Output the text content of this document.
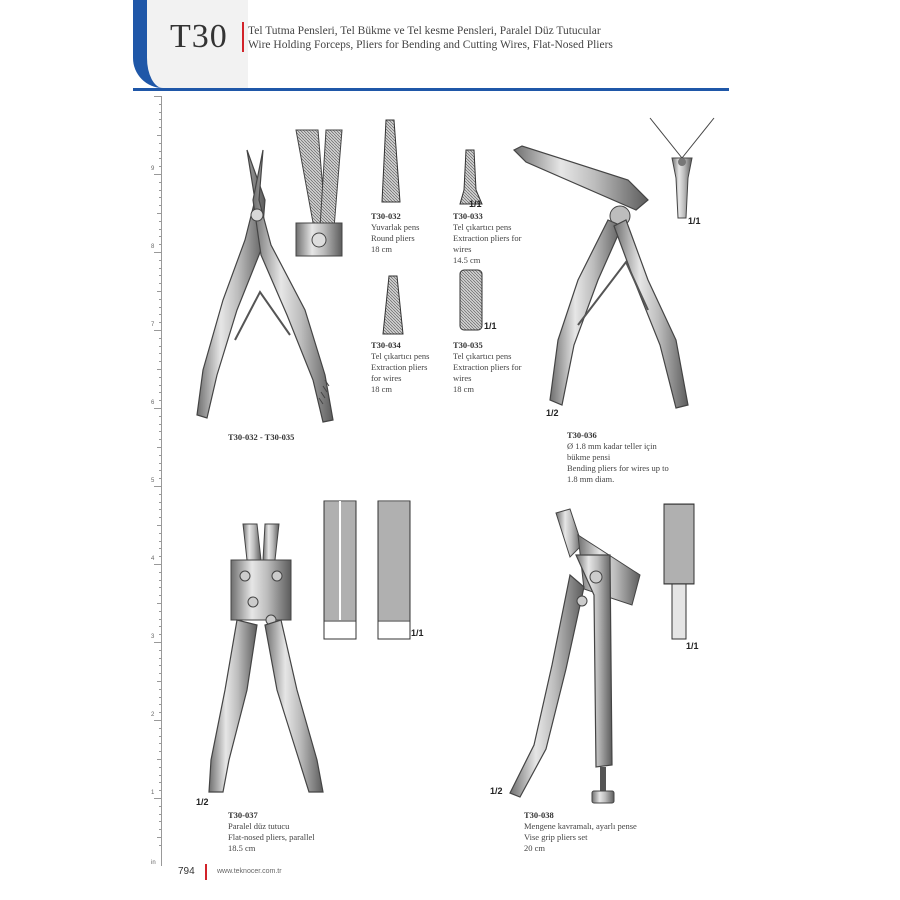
T30 Tel Tutma Pensleri, Tel Bükme ve Tel kesme Pensleri, Paralel Düz Tutucular
Wire Holding Forceps, Pliers for Bending and Cutting Wires, Flat-Nosed Pliers
9
8
7
6
5
4
3
2
1
in
T30-032
Yuvarlak pens
Round pliers
18 cm
T30-033
Tel çıkartıcı pens
Extraction pliers for
wires
14.5 cm
T30-034
Tel çıkartıcı pens
Extraction pliers
for wires
18 cm
T30-035
Tel çıkartıcı pens
Extraction pliers for
wires
18 cm
T30-032 - T30-035	T30-036
Ø 1.8 mm kadar teller için
bükme pensi
Bending pliers for wires up to
1.8 mm diam.
T30-037
Paralel düz tutucu
Flat-nosed pliers, parallel
18.5 cm
T30-038
Mengene kavramalı, ayarlı pense
Vise grip pliers set
20 cm
1/1
1/1
1/1
1/2
1/1
1/1
1/2
1/2
794	www.teknocer.com.tr
